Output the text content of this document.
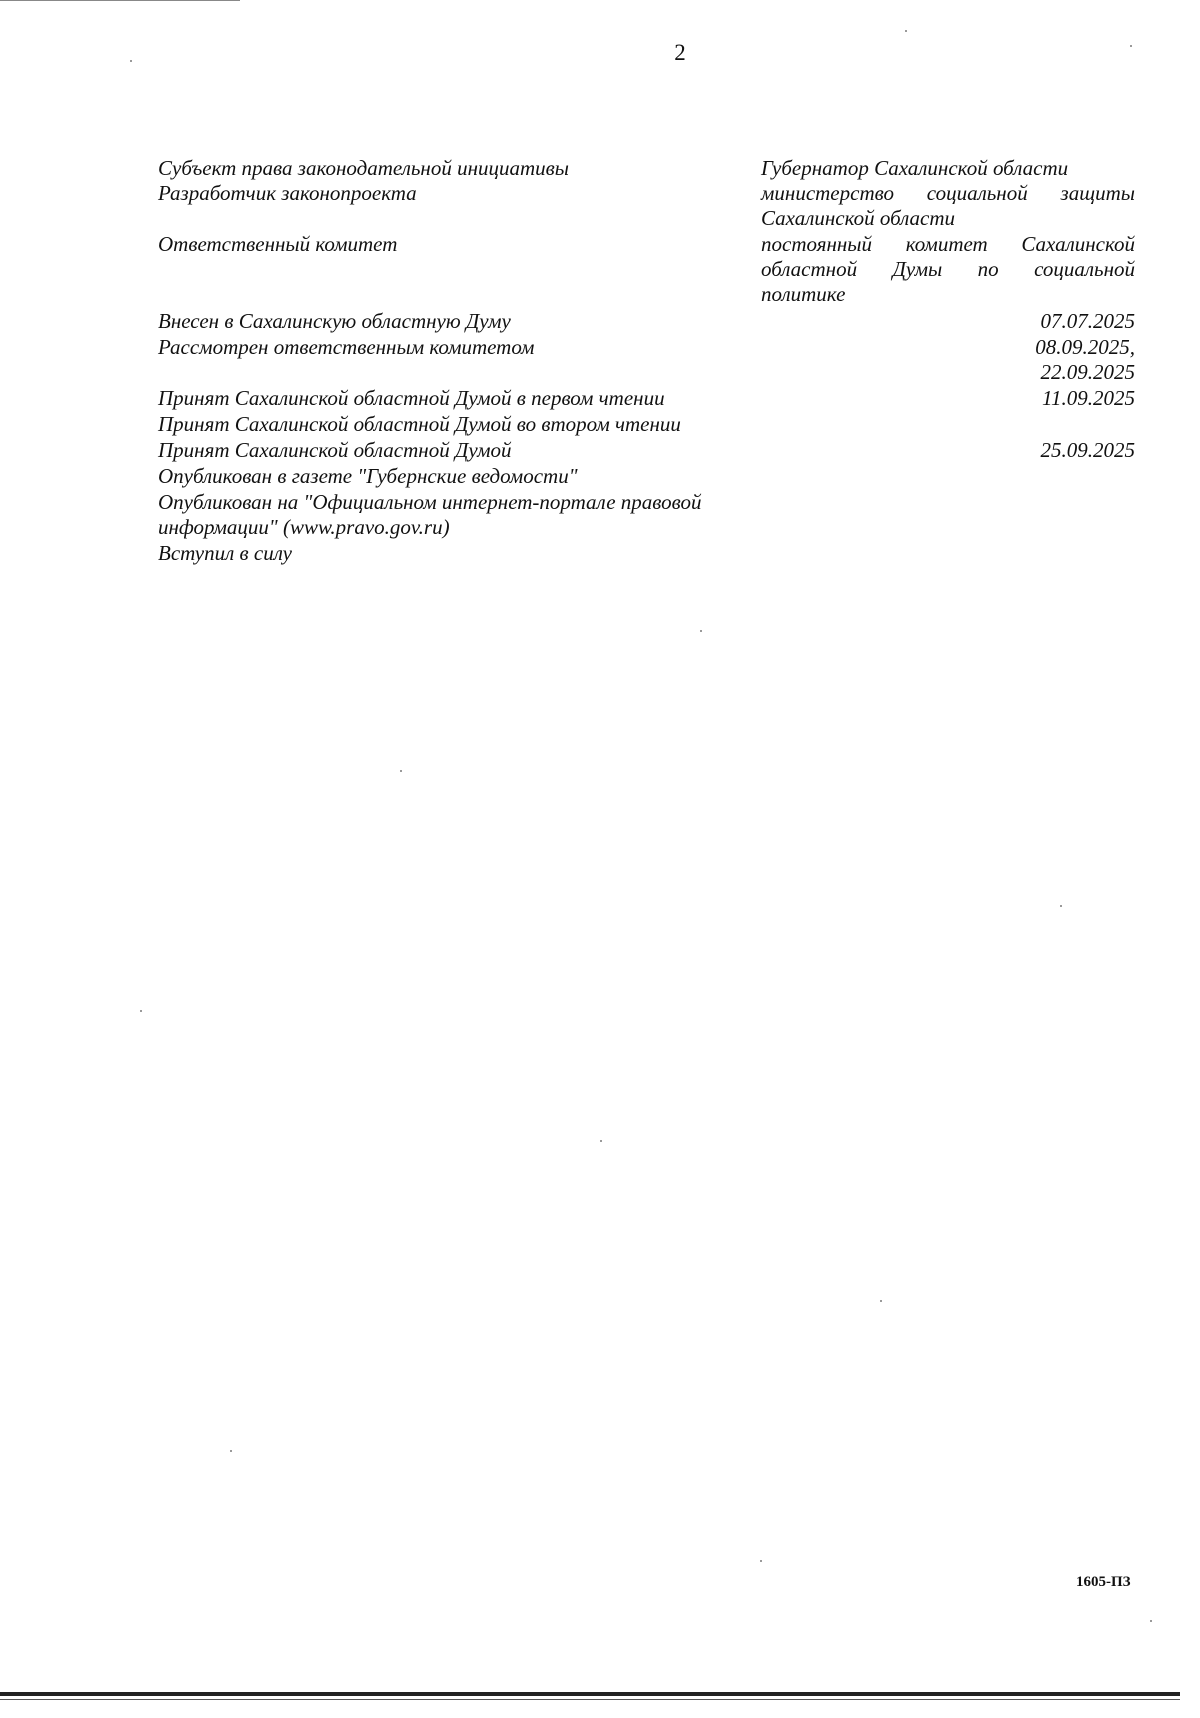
2
Субъект права законодательной инициативы
Разработчик законопроекта
Ответственный комитет
Внесен в Сахалинскую областную Думу
Рассмотрен ответственным комитетом
Принят Сахалинской областной Думой в первом чтении
Принят Сахалинской областной Думой во втором чтении
Принят Сахалинской областной Думой
Опубликован в газете "Губернские ведомости"
Опубликован на "Официальном интернет-портале правовой
информации" (www.pravo.gov.ru)
Вступил в силу
Губернатор Сахалинской области
министерство социальной защиты
Сахалинской области
постоянный комитет Сахалинской
областной Думы по социальной
политике
07.07.2025
08.09.2025,
22.09.2025
11.09.2025
25.09.2025
1605-ПЗ
